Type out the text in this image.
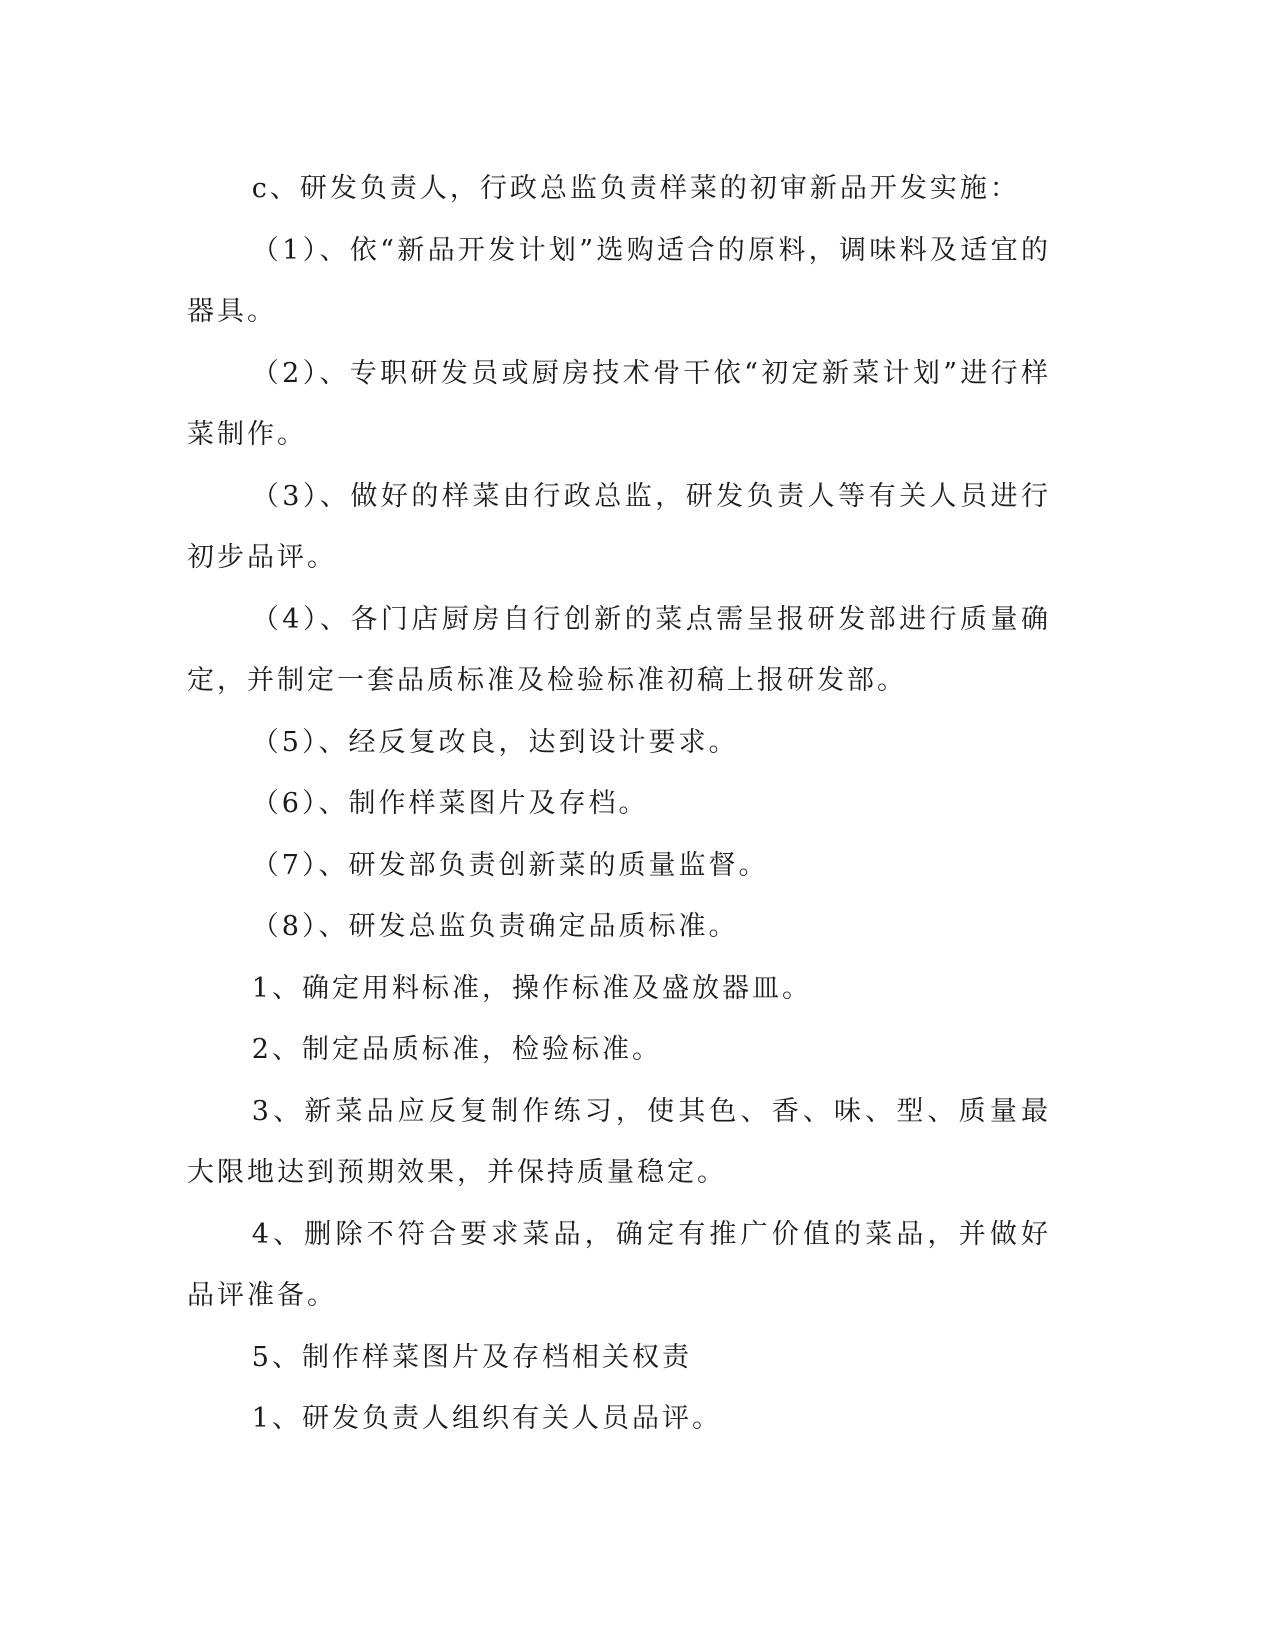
c、研发负责人，行政总监负责样菜的初审新品开发实施：

（1）、依“新品开发计划”选购适合的原料，调味料及适宜的器具。

（2）、专职研发员或厨房技术骨干依“初定新菜计划”进行样菜制作。

（3）、做好的样菜由行政总监，研发负责人等有关人员进行初步品评。

（4）、各门店厨房自行创新的菜点需呈报研发部进行质量确定，并制定一套品质标准及检验标准初稿上报研发部。

（5）、经反复改良，达到设计要求。

（6）、制作样菜图片及存档。

（7）、研发部负责创新菜的质量监督。

（8）、研发总监负责确定品质标准。

1、确定用料标准，操作标准及盛放器皿。

2、制定品质标准，检验标准。

3、新菜品应反复制作练习，使其色、香、味、型、质量最大限地达到预期效果，并保持质量稳定。

4、删除不符合要求菜品，确定有推广价值的菜品，并做好品评准备。

5、制作样菜图片及存档相关权责

1、研发负责人组织有关人员品评。
